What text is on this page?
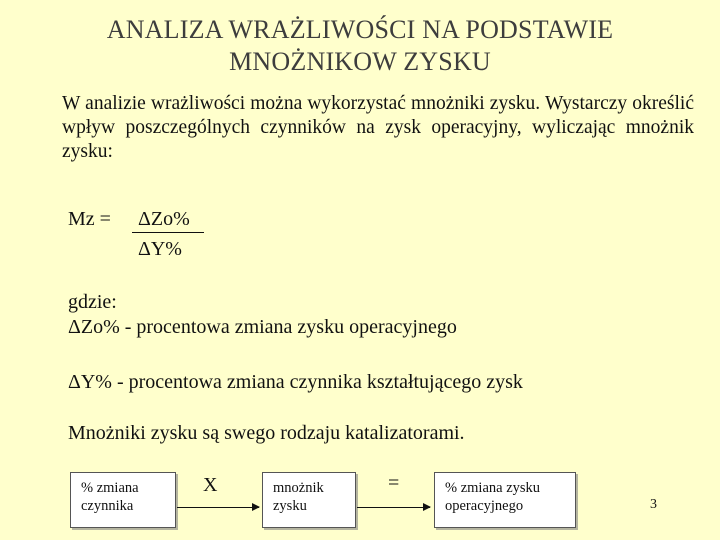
ANALIZA WRAŻLIWOŚCI NA PODSTAWIE
MNOŻNIKOW ZYSKU
W analizie wrażliwości można wykorzystać mnożniki zysku. Wystarczy określić wpływ poszczególnych czynników na zysk operacyjny, wyliczając mnożnik zysku:
Mz =	ΔZo%
ΔY%
gdzie:
ΔZo% - procentowa zmiana zysku operacyjnego
ΔY% - procentowa zmiana czynnika kształtującego zysk
Mnożniki zysku są swego rodzaju katalizatorami.
% zmiana
czynnika
X	mnożnik
zysku
=	% zmiana zysku
operacyjnego	3
